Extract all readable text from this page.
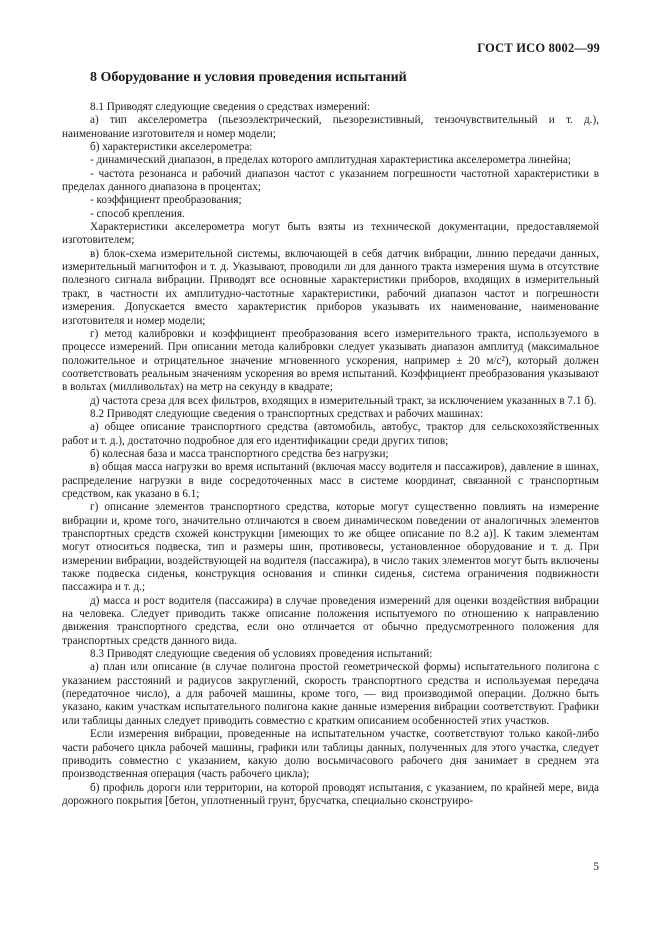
ГОСТ ИСО 8002—99
8 Оборудование и условия проведения испытаний

8.1 Приводят следующие сведения о средствах измерений:

а) тип акселерометра (пьезоэлектрический, пьезорезистивный, тензочувствительный и т. д.), наименование изготовителя и номер модели;

б) характеристики акселерометра:

- динамический диапазон, в пределах которого амплитудная характеристика акселерометра линейна;

- частота резонанса и рабочий диапазон частот с указанием погрешности частотной характеристики в пределах данного диапазона в процентах;

- коэффициент преобразования;

- способ крепления.

Характеристики акселерометра могут быть взяты из технической документации, предоставляемой изготовителем;

в) блок-схема измерительной системы, включающей в себя датчик вибрации, линию передачи данных, измерительный магнитофон и т. д. Указывают, проводили ли для данного тракта измерения шума в отсутствие полезного сигнала вибрации. Приводят все основные характеристики приборов, входящих в измерительный тракт, в частности их амплитудно-частотные характеристики, рабочий диапазон частот и погрешности измерения. Допускается вместо характеристик приборов указывать их наименование, наименование изготовителя и номер модели;

г) метод калибровки и коэффициент преобразования всего измерительного тракта, используемого в процессе измерений. При описании метода калибровки следует указывать диапазон амплитуд (максимальное положительное и отрицательное значение мгновенного ускорения, например ± 20 м/с²), который должен соответствовать реальным значениям ускорения во время испытаний. Коэффициент преобразования указывают в вольтах (милливольтах) на метр на секунду в квадрате;

д) частота среза для всех фильтров, входящих в измерительный тракт, за исключением указанных в 7.1 б).

8.2 Приводят следующие сведения о транспортных средствах и рабочих машинах:

а) общее описание транспортного средства (автомобиль, автобус, трактор для сельскохозяйственных работ и т. д.), достаточно подробное для его идентификации среди других типов;

б) колесная база и масса транспортного средства без нагрузки;

в) общая масса нагрузки во время испытаний (включая массу водителя и пассажиров), давление в шинах, распределение нагрузки в виде сосредоточенных масс в системе координат, связанной с транспортным средством, как указано в 6.1;

г) описание элементов транспортного средства, которые могут существенно повлиять на измерение вибрации и, кроме того, значительно отличаются в своем динамическом поведении от аналогичных элементов транспортных средств схожей конструкции [имеющих то же общее описание по 8.2 а)]. К таким элементам могут относиться подвеска, тип и размеры шин, противовесы, установленное оборудование и т. д. При измерении вибрации, воздействующей на водителя (пассажира), в число таких элементов могут быть включены также подвеска сиденья, конструкция основания и спинки сиденья, система ограничения подвижности пассажира и т. д.;

д) масса и рост водителя (пассажира) в случае проведения измерений для оценки воздействия вибрации на человека. Следует приводить также описание положения испытуемого по отношению к направлению движения транспортного средства, если оно отличается от обычно предусмотренного положения для транспортных средств данного вида.

8.3 Приводят следующие сведения об условиях проведения испытаний:

а) план или описание (в случае полигона простой геометрической формы) испытательного полигона с указанием расстояний и радиусов закруглений, скорость транспортного средства и используемая передача (передаточное число), а для рабочей машины, кроме того, — вид производимой операции. Должно быть указано, каким участкам испытательного полигона какие данные измерения вибрации соответствуют. Графики или таблицы данных следует приводить совместно с кратким описанием особенностей этих участков.

Если измерения вибрации, проведенные на испытательном участке, соответствуют только какой-либо части рабочего цикла рабочей машины, графики или таблицы данных, полученных для этого участка, следует приводить совместно с указанием, какую долю восьмичасового рабочего дня занимает в среднем эта производственная операция (часть рабочего цикла);

б) профиль дороги или территории, на которой проводят испытания, с указанием, по крайней мере, вида дорожного покрытия [бетон, уплотненный грунт, брусчатка, специально сконструиро-

5
